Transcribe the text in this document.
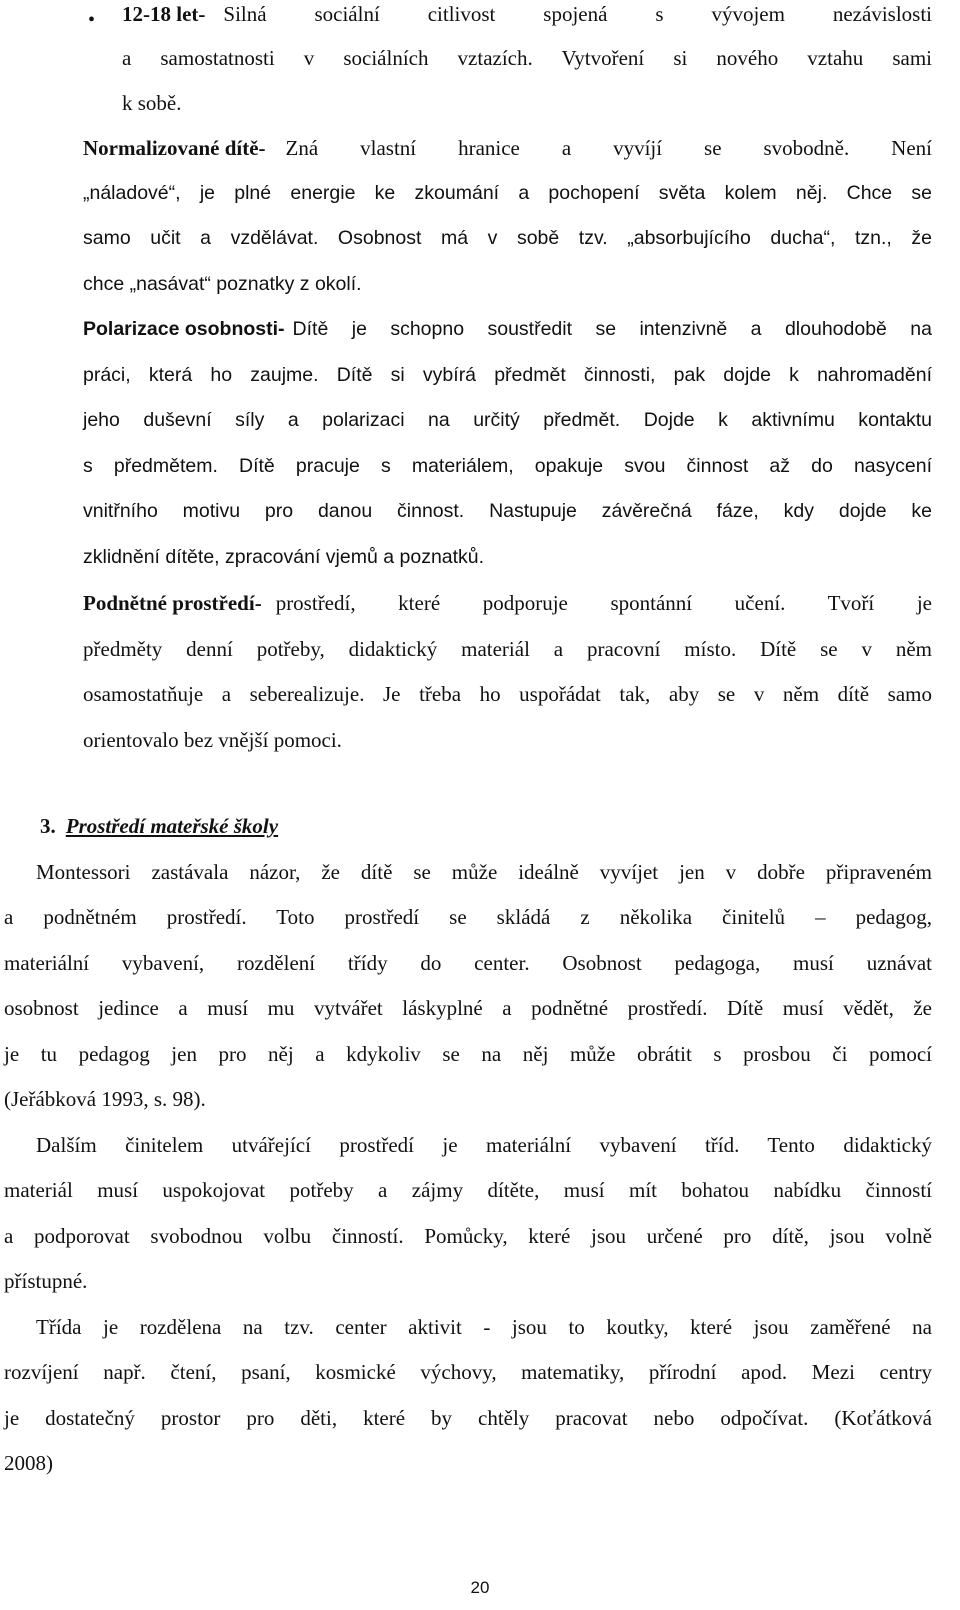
• 12-18 let- Silná sociální citlivost spojená s vývojem nezávislosti
a samostatnosti v sociálních vztazích. Vytvoření si nového vztahu sami
k sobě.
Normalizované dítě- Zná vlastní hranice a vyvíjí se svobodně. Není
„náladové“, je plné energie ke zkoumání a pochopení světa kolem něj. Chce se
samo učit a vzdělávat. Osobnost má v sobě tzv. „absorbujícího ducha“, tzn., že
chce „nasávat“ poznatky z okolí.
Polarizace osobnosti- Dítě je schopno soustředit se intenzivně a dlouhodobě na
práci, která ho zaujme. Dítě si vybírá předmět činnosti, pak dojde k nahromadění
jeho duševní síly a polarizaci na určitý předmět. Dojde k aktivnímu kontaktu
s předmětem. Dítě pracuje s materiálem, opakuje svou činnost až do nasycení
vnitřního motivu pro danou činnost. Nastupuje závěrečná fáze, kdy dojde ke
zklidnění dítěte, zpracování vjemů a poznatků.
Podnětné prostředí- prostředí, které podporuje spontánní učení. Tvoří je
předměty denní potřeby, didaktický materiál a pracovní místo. Dítě se v něm
osamostatňuje a seberealizuje. Je třeba ho uspořádat tak, aby se v něm dítě samo
orientovalo bez vnější pomoci.
3. Prostředí mateřské školy
Montessori zastávala názor, že dítě se může ideálně vyvíjet jen v dobře připraveném
a podnětném prostředí. Toto prostředí se skládá z několika činitelů – pedagog,
materiální vybavení, rozdělení třídy do center. Osobnost pedagoga, musí uznávat
osobnost jedince a musí mu vytvářet láskyplné a podnětné prostředí. Dítě musí vědět, že
je tu pedagog jen pro něj a kdykoliv se na něj může obrátit s prosbou či pomocí
(Jeřábková 1993, s. 98).
Dalším činitelem utvářející prostředí je materiální vybavení tříd. Tento didaktický
materiál musí uspokojovat potřeby a zájmy dítěte, musí mít bohatou nabídku činností
a podporovat svobodnou volbu činností. Pomůcky, které jsou určené pro dítě, jsou volně
přístupné.
Třída je rozdělena na tzv. center aktivit - jsou to koutky, které jsou zaměřené na
rozvíjení např. čtení, psaní, kosmické výchovy, matematiky, přírodní apod. Mezi centry
je dostatečný prostor pro děti, které by chtěly pracovat nebo odpočívat. (Koťátková
2008)
20
